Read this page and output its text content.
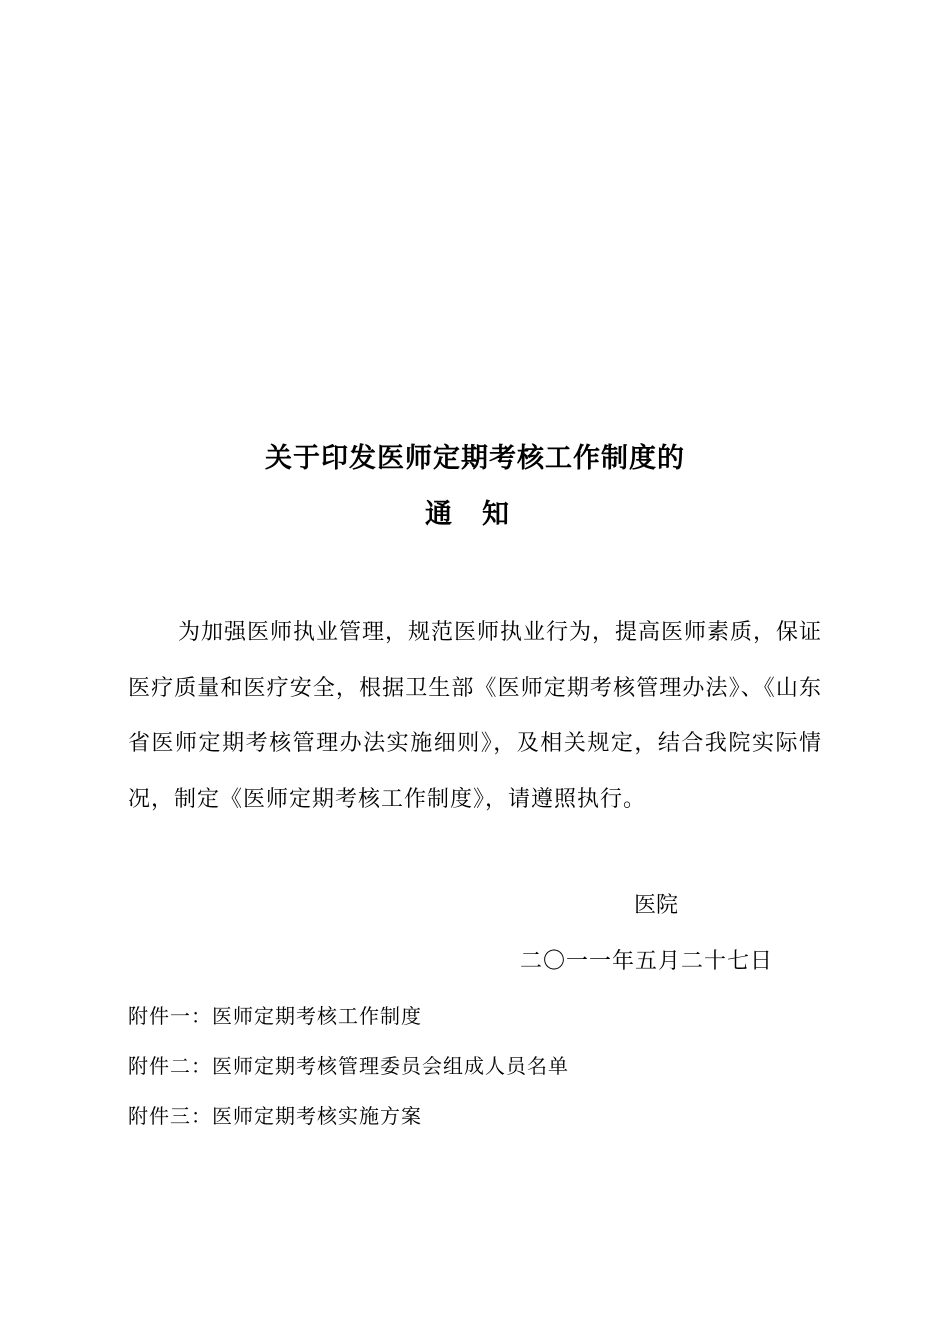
关于印发医师定期考核工作制度的
通知
为加强医师执业管理，规范医师执业行为，提高医师素质，保证医疗质量和医疗安全，根据卫生部《医师定期考核管理办法》、《山东省医师定期考核管理办法实施细则》，及相关规定，结合我院实际情况，制定《医师定期考核工作制度》，请遵照执行。
医院
二〇一一年五月二十七日
附件一：医师定期考核工作制度
附件二：医师定期考核管理委员会组成人员名单
附件三：医师定期考核实施方案
